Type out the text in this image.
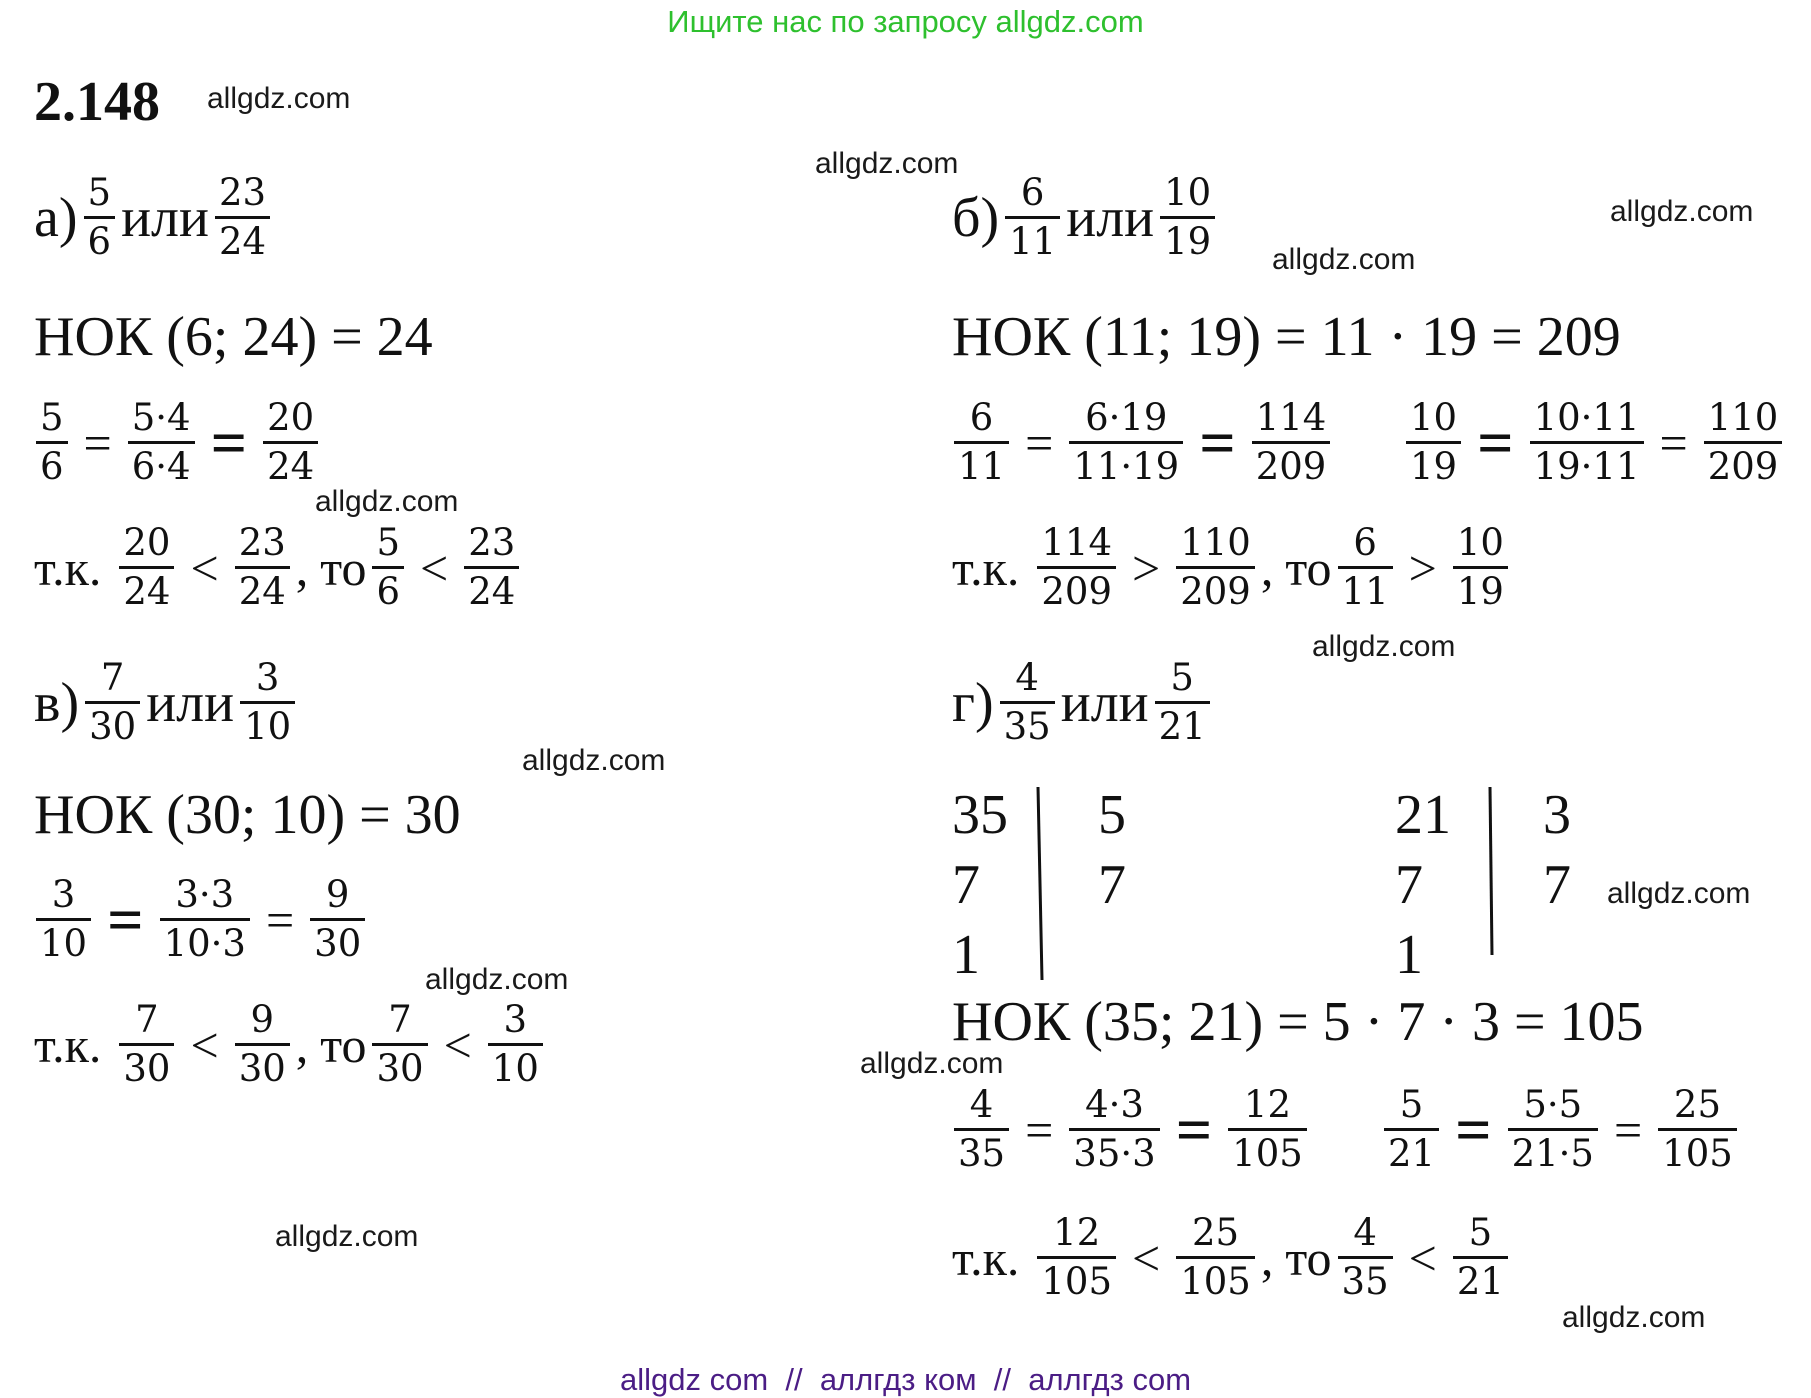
Ищите нас по запросу allgdz.com
2.148 allgdz.com
allgdz.com
allgdz.com
allgdz.com
allgdz.com
allgdz.com
allgdz.com
allgdz.com
allgdz.com
allgdz.com
allgdz.com
allgdz.com
$а) \frac{5}{6}$ или $\frac{23}{24}$
НОК (6; 24) = 24
$\frac{5}{6} = \frac{5\cdot 4}{6\cdot 4} = \frac{20}{24}$
т.к. $\frac{20}{24} < \frac{23}{24}$ , то $\frac{5}{6} < \frac{23}{24}$
$в) \frac{7}{30}$ или $\frac{3}{10}$
НОК (30; 10) = 30
$\frac{3}{10} = \frac{3\cdot 3}{10\cdot 3} = \frac{9}{30}$
т.к. $\frac{7}{30} < \frac{9}{30}$ , то $\frac{7}{30} < \frac{3}{10}$
$б) \frac{6}{11}$ или $\frac{10}{19}$
НОК (11; 19) = 11 · 19 = 209
$\frac{6}{11} = \frac{6\cdot 19}{11\cdot 19} = \frac{114}{209} \frac{10}{19} = \frac{10\cdot 11}{19\cdot 11} = \frac{110}{209}$
т.к. $\frac{114}{209} > \frac{110}{209}$ , то $\frac{6}{11} > \frac{10}{19}$
$г) \frac{4}{35}$ или $\frac{5}{21}$
35
7
1
5
7
21
7
1
3
7
НОК (35; 21) = 5 · 7 · 3 = 105
$\frac{4}{35} = \frac{4\cdot 3}{35\cdot 3} = \frac{12}{105} \frac{5}{21} = \frac{5\cdot 5}{21\cdot 5} = \frac{25}{105}$
т.к. $\frac{12}{105} < \frac{25}{105}$ , то $\frac{4}{35} < \frac{5}{21}$
allgdz com  //  аллгдз ком  //  аллгдз com
